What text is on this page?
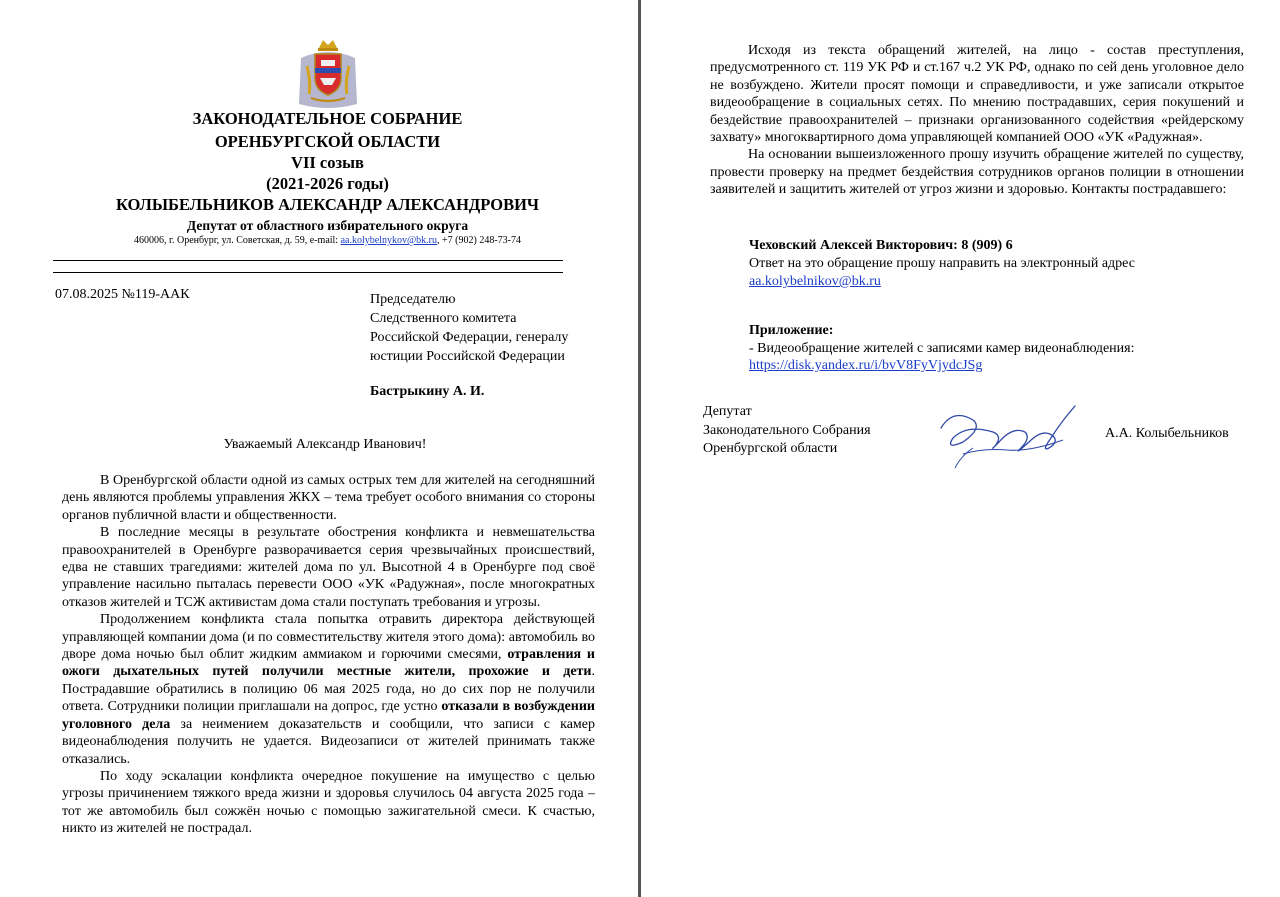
ЗАКОНОДАТЕЛЬНОЕ СОБРАНИЕ
ОРЕНБУРГСКОЙ ОБЛАСТИ
VII созыв
(2021-2026 годы)
КОЛЫБЕЛЬНИКОВ АЛЕКСАНДР АЛЕКСАНДРОВИЧ
Депутат от областного избирательного округа
460006, г. Оренбург, ул. Советская, д. 59, e-mail: aa.kolybelnykov@bk.ru, +7 (902) 248-73-74
07.08.2025 №119-ААК	Председателю
Следственного комитета
Российской Федерации, генералу
юстиции Российской Федерации
Бастрыкину А. И.
Уважаемый Александр Иванович!

В Оренбургской области одной из самых острых тем для жителей на сегодняшний день являются проблемы управления ЖКХ – тема требует особого внимания со стороны органов публичной власти и общественности.

В последние месяцы в результате обострения конфликта и невмешательства правоохранителей в Оренбурге разворачивается серия чрезвычайных происшествий, едва не ставших трагедиями: жителей дома по ул. Высотной 4 в Оренбурге под своё управление насильно пыталась перевести ООО «УК «Радужная», после многократных отказов жителей и ТСЖ активистам дома стали поступать требования и угрозы.

Продолжением конфликта стала попытка отравить директора действующей управляющей компании дома (и по совместительству жителя этого дома): автомобиль во дворе дома ночью был облит жидким аммиаком и горючими смесями, отравления и ожоги дыхательных путей получили местные жители, прохожие и дети. Пострадавшие обратились в полицию 06 мая 2025 года, но до сих пор не получили ответа. Сотрудники полиции приглашали на допрос, где устно отказали в возбуждении уголовного дела за неимением доказательств и сообщили, что записи с камер видеонаблюдения получить не удается. Видеозаписи от жителей принимать также отказались.

По ходу эскалации конфликта очередное покушение на имущество с целью угрозы причинением тяжкого вреда жизни и здоровья случилось 04 августа 2025 года – тот же автомобиль был сожжён ночью с помощью зажигательной смеси. К счастью, никто из жителей не пострадал.

Исходя из текста обращений жителей, на лицо - состав преступления, предусмотренного ст. 119 УК РФ и ст.167 ч.2 УК РФ, однако по сей день уголовное дело не возбуждено. Жители просят помощи и справедливости, и уже записали открытое видеообращение в социальных сетях. По мнению пострадавших, серия покушений и бездействие правоохранителей – признаки организованного содействия «рейдерскому захвату» многоквартирного дома управляющей компанией ООО «УК «Радужная».

На основании вышеизложенного прошу изучить обращение жителей по существу, провести проверку на предмет бездействия сотрудников органов полиции в отношении заявителей и защитить жителей от угроз жизни и здоровью. Контакты пострадавшего:

Чеховский Алексей Викторович: 8 (909) 6
Ответ на это обращение прошу направить на электронный адрес
aa.kolybelnikov@bk.ru
Приложение:
- Видеообращение жителей с записями камер видеонаблюдения:
https://disk.yandex.ru/i/bvV8FyVjydcJSg
Депутат
Законодательного Собрания
Оренбургской области
А.А. Колыбельников
